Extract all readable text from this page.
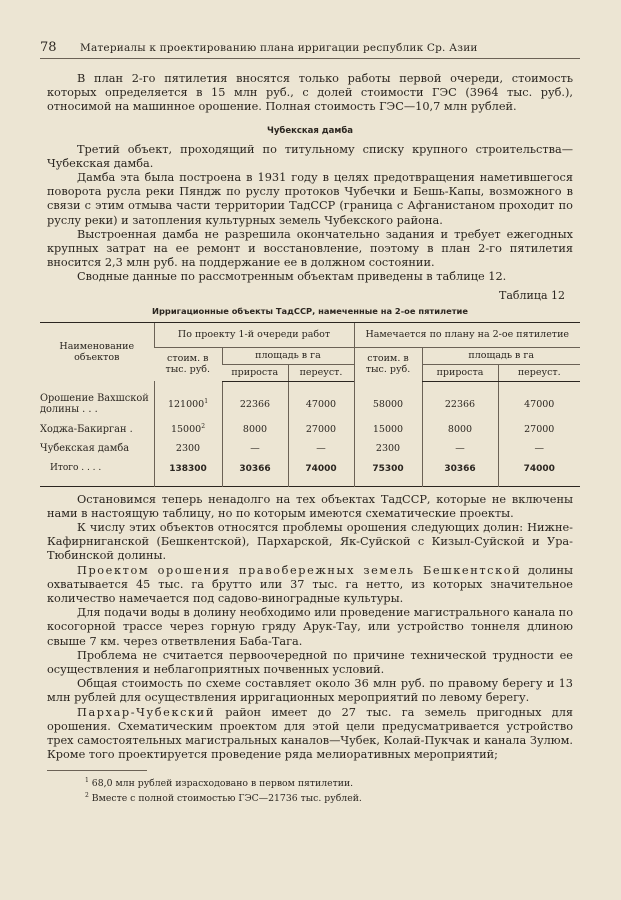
78	Материалы к проектированию плана ирригации республик Ср. Азии

В план 2-го пятилетия вносятся только работы первой очереди, стоимость которых определяется в 15 млн руб., с долей стоимости ГЭС (3964 тыс. руб.), относимой на машинное орошение. Полная стоимость ГЭС—10,7 млн рублей.

Чубекская дамба

Третий объект, проходящий по титульному списку крупного строительства—Чубекская дамба.

Дамба эта была построена в 1931 году в целях предотвращения наметившегося поворота русла реки Пяндж по руслу протоков Чубечки и Бешь-Капы, возможного в связи с этим отмыва части территории ТадССР (граница с Афганистаном проходит по руслу реки) и затопления культурных земель Чубекского района.

Выстроенная дамба не разрешила окончательно задания и требует ежегодных крупных затрат на ее ремонт и восстановление, поэтому в план 2-го пятилетия вносится 2,3 млн руб. на поддержание ее в должном состоянии.

Сводные данные по рассмотренным объектам приведены в таблице 12.

Таблица 12
Ирригационные объекты ТадССР, намеченные на 2-ое пятилетие
Наименование объектов	По проекту 1-й очереди работ			Намечается по плану на 2-ое пятилетие		
	стоим. в тыс. руб.	площадь в га		стоим. в тыс. руб.	площадь в га	
		прироста	переуст.		прироста	переуст.
Орошение Вахшской долины . . .	121000$^1$	22366	47000	58000	22366	47000
Ходжа-Бакирган .	15000$^2$	8000	27000	15000	8000	27000
Чубекская дамба	2300	—	—	2300	—	—
Итого . . . .	138300	30366	74000	75300	30366	74000

Остановимся теперь ненадолго на тех объектах ТадССР, которые не включены нами в настоящую таблицу, но по которым имеются схематические проекты.

К числу этих объектов относятся проблемы орошения следующих долин: Нижне-Кафирниганской (Бешкентской), Пархарской, Як-Суйской с Кизыл-Суйской и Ура-Тюбинской долины.

Проектом орошения правобережных земель Бешкентской долины охватывается 45 тыс. га брутто или 37 тыс. га нетто, из которых значительное количество намечается под садово-виноградные культуры.

Для подачи воды в долину необходимо или проведение магистрального канала по косогорной трассе через горную гряду Арук-Тау, или устройство тоннеля длиною свыше 7 км. через ответвления Баба-Тага.

Проблема не считается первоочередной по причине технической трудности ее осуществления и неблагоприятных почвенных условий.

Общая стоимость по схеме составляет около 36 млн руб. по правому берегу и 13 млн рублей для осуществления ирригационных мероприятий по левому берегу.

Пархар-Чубекский район имеет до 27 тыс. га земель пригодных для орошения. Схематическим проектом для этой цели предусматривается устройство трех самостоятельных магистральных каналов—Чубек, Колай-Пукчак и канала Зулюм. Кроме того проектируется проведение ряда мелиоративных мероприятий;

$^1$ 68,0 млн рублей израсходовано в первом пятилетии.
$^2$ Вместе с полной стоимостью ГЭС—21736 тыс. рублей.
